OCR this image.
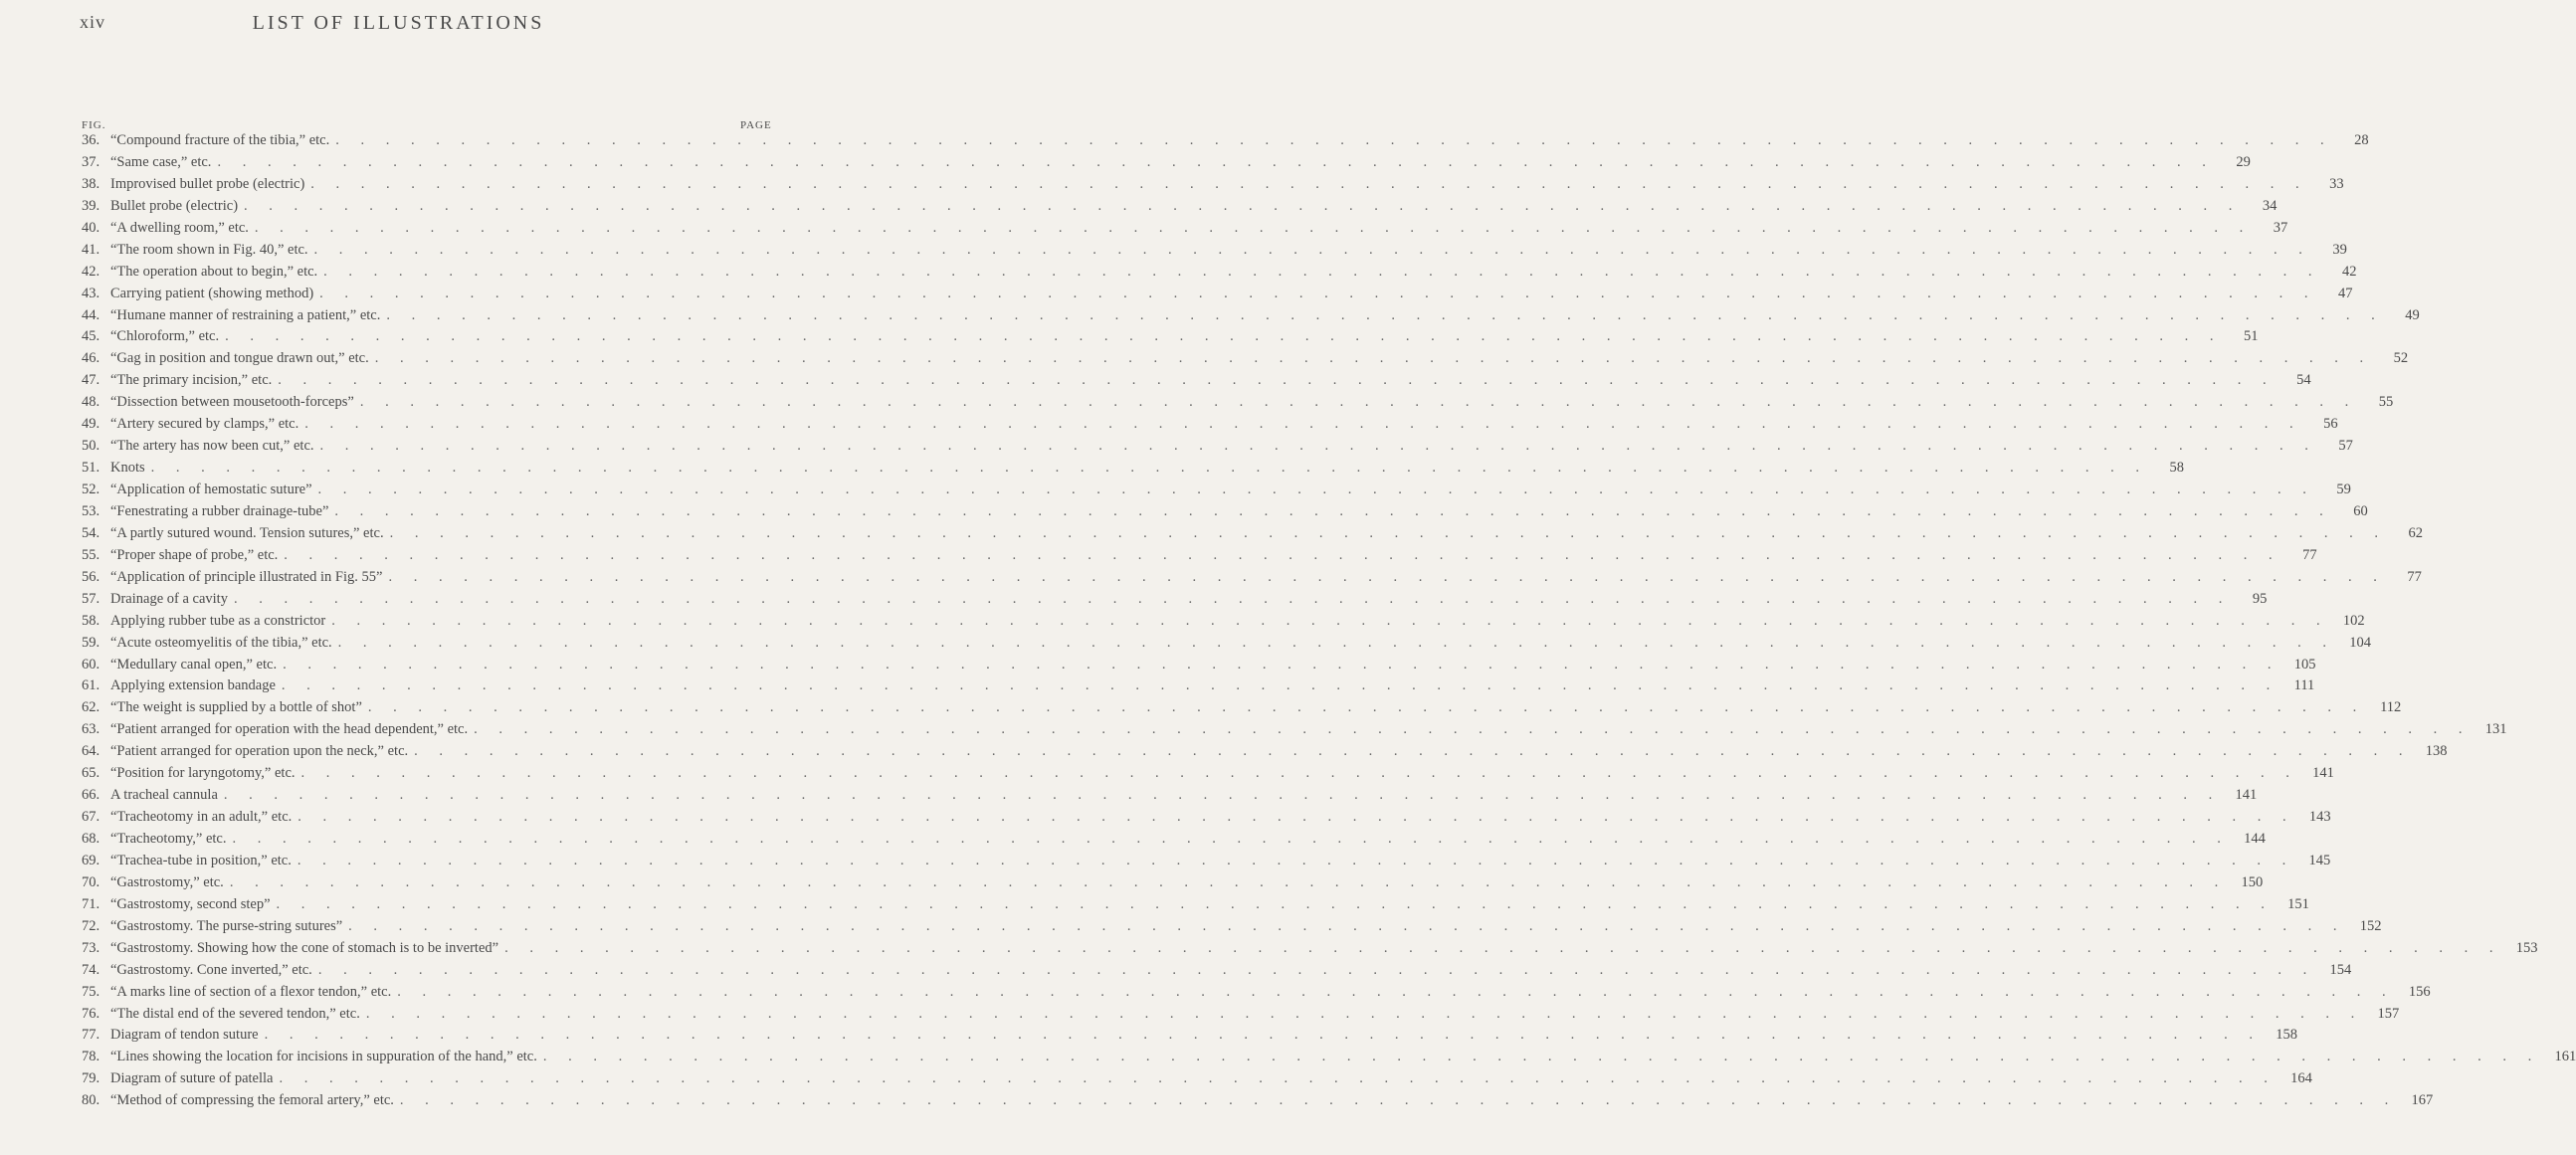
xiv	LIST OF ILLUSTRATIONS
FIG.	PAGE
36. “Compound fracture of the tibia,” etc. . . . . . . . . . . . . . . . . . . . . . . . . . . . . . . . . . . . . . . . . . . . . . . . . . . . . . . . . . . . . . . . . . . . . . . . . . . . . . . . .	28
37. “Same case,” etc. . . . . . . . . . . . . . . . . . . . . . . . . . . . . . . . . . . . . . . . . . . . . . . . . . . . . . . . . . . . . . . . . . . . . . . . . . . . . . . . .	29
38. Improvised bullet probe (electric) . . . . . . . . . . . . . . . . . . . . . . . . . . . . . . . . . . . . . . . . . . . . . . . . . . . . . . . . . . . . . . . . . . . . . . . . . . . . . . . .	33
39. Bullet probe (electric) . . . . . . . . . . . . . . . . . . . . . . . . . . . . . . . . . . . . . . . . . . . . . . . . . . . . . . . . . . . . . . . . . . . . . . . . . . . . . . . .	34
40. “A dwelling room,” etc. . . . . . . . . . . . . . . . . . . . . . . . . . . . . . . . . . . . . . . . . . . . . . . . . . . . . . . . . . . . . . . . . . . . . . . . . . . . . . . . .	37
41. “The room shown in Fig. 40,” etc. . . . . . . . . . . . . . . . . . . . . . . . . . . . . . . . . . . . . . . . . . . . . . . . . . . . . . . . . . . . . . . . . . . . . . . . . . . . . . . . .	39
42. “The operation about to begin,” etc. . . . . . . . . . . . . . . . . . . . . . . . . . . . . . . . . . . . . . . . . . . . . . . . . . . . . . . . . . . . . . . . . . . . . . . . . . . . . . . . .	42
43. Carrying patient (showing method) . . . . . . . . . . . . . . . . . . . . . . . . . . . . . . . . . . . . . . . . . . . . . . . . . . . . . . . . . . . . . . . . . . . . . . . . . . . . . . . .	47
44. “Humane manner of restraining a patient,” etc. . . . . . . . . . . . . . . . . . . . . . . . . . . . . . . . . . . . . . . . . . . . . . . . . . . . . . . . . . . . . . . . . . . . . . . . . . . . . . . . .	49
45. “Chloroform,” etc. . . . . . . . . . . . . . . . . . . . . . . . . . . . . . . . . . . . . . . . . . . . . . . . . . . . . . . . . . . . . . . . . . . . . . . . . . . . . . . . .	51
46. “Gag in position and tongue drawn out,” etc. . . . . . . . . . . . . . . . . . . . . . . . . . . . . . . . . . . . . . . . . . . . . . . . . . . . . . . . . . . . . . . . . . . . . . . . . . . . . . . . .	52
47. “The primary incision,” etc. . . . . . . . . . . . . . . . . . . . . . . . . . . . . . . . . . . . . . . . . . . . . . . . . . . . . . . . . . . . . . . . . . . . . . . . . . . . . . . . .	54
48. “Dissection between mousetooth-forceps” . . . . . . . . . . . . . . . . . . . . . . . . . . . . . . . . . . . . . . . . . . . . . . . . . . . . . . . . . . . . . . . . . . . . . . . . . . . . . . . .	55
49. “Artery secured by clamps,” etc. . . . . . . . . . . . . . . . . . . . . . . . . . . . . . . . . . . . . . . . . . . . . . . . . . . . . . . . . . . . . . . . . . . . . . . . . . . . . . . . .	56
50. “The artery has now been cut,” etc. . . . . . . . . . . . . . . . . . . . . . . . . . . . . . . . . . . . . . . . . . . . . . . . . . . . . . . . . . . . . . . . . . . . . . . . . . . . . . . . .	57
51. Knots . . . . . . . . . . . . . . . . . . . . . . . . . . . . . . . . . . . . . . . . . . . . . . . . . . . . . . . . . . . . . . . . . . . . . . . . . . . . . . . .	58
52. “Application of hemostatic suture” . . . . . . . . . . . . . . . . . . . . . . . . . . . . . . . . . . . . . . . . . . . . . . . . . . . . . . . . . . . . . . . . . . . . . . . . . . . . . . . .	59
53. “Fenestrating a rubber drainage-tube” . . . . . . . . . . . . . . . . . . . . . . . . . . . . . . . . . . . . . . . . . . . . . . . . . . . . . . . . . . . . . . . . . . . . . . . . . . . . . . . .	60
54. “A partly sutured wound. Tension sutures,” etc. . . . . . . . . . . . . . . . . . . . . . . . . . . . . . . . . . . . . . . . . . . . . . . . . . . . . . . . . . . . . . . . . . . . . . . . . . . . . . . . .	62
55. “Proper shape of probe,” etc. . . . . . . . . . . . . . . . . . . . . . . . . . . . . . . . . . . . . . . . . . . . . . . . . . . . . . . . . . . . . . . . . . . . . . . . . . . . . . . . .	77
56. “Application of principle illustrated in Fig. 55” . . . . . . . . . . . . . . . . . . . . . . . . . . . . . . . . . . . . . . . . . . . . . . . . . . . . . . . . . . . . . . . . . . . . . . . . . . . . . . . .	77
57. Drainage of a cavity . . . . . . . . . . . . . . . . . . . . . . . . . . . . . . . . . . . . . . . . . . . . . . . . . . . . . . . . . . . . . . . . . . . . . . . . . . . . . . . .	95
58. Applying rubber tube as a constrictor . . . . . . . . . . . . . . . . . . . . . . . . . . . . . . . . . . . . . . . . . . . . . . . . . . . . . . . . . . . . . . . . . . . . . . . . . . . . . . . . 102
59. “Acute osteomyelitis of the tibia,” etc. . . . . . . . . . . . . . . . . . . . . . . . . . . . . . . . . . . . . . . . . . . . . . . . . . . . . . . . . . . . . . . . . . . . . . . . . . . . . . . . . 104
60. “Medullary canal open,” etc. . . . . . . . . . . . . . . . . . . . . . . . . . . . . . . . . . . . . . . . . . . . . . . . . . . . . . . . . . . . . . . . . . . . . . . . . . . . . . . . . 105
61. Applying extension bandage . . . . . . . . . . . . . . . . . . . . . . . . . . . . . . . . . . . . . . . . . . . . . . . . . . . . . . . . . . . . . . . . . . . . . . . . . . . . . . . .	111
62. “The weight is supplied by a bottle of shot” . . . . . . . . . . . . . . . . . . . . . . . . . . . . . . . . . . . . . . . . . . . . . . . . . . . . . . . . . . . . . . . . . . . . . . . . . . . . . . . .	112
63. “Patient arranged for operation with the head dependent,” etc. . . . . . . . . . . . . . . . . . . . . . . . . . . . . . . . . . . . . . . . . . . . . . . . . . . . . . . . . . . . . . . . . . . . . . . . . . . . . . . . . 131
64. “Patient arranged for operation upon the neck,” etc. . . . . . . . . . . . . . . . . . . . . . . . . . . . . . . . . . . . . . . . . . . . . . . . . . . . . . . . . . . . . . . . . . . . . . . . . . . . . . . . . 138
65. “Position for laryngotomy,” etc. . . . . . . . . . . . . . . . . . . . . . . . . . . . . . . . . . . . . . . . . . . . . . . . . . . . . . . . . . . . . . . . . . . . . . . . . . . . . . . . . 141
66. A tracheal cannula . . . . . . . . . . . . . . . . . . . . . . . . . . . . . . . . . . . . . . . . . . . . . . . . . . . . . . . . . . . . . . . . . . . . . . . . . . . . . . . . 141
67. “Tracheotomy in an adult,” etc. . . . . . . . . . . . . . . . . . . . . . . . . . . . . . . . . . . . . . . . . . . . . . . . . . . . . . . . . . . . . . . . . . . . . . . . . . . . . . . . . 143
68. “Tracheotomy,” etc. . . . . . . . . . . . . . . . . . . . . . . . . . . . . . . . . . . . . . . . . . . . . . . . . . . . . . . . . . . . . . . . . . . . . . . . . . . . . . . . . 144
69. “Trachea-tube in position,” etc. . . . . . . . . . . . . . . . . . . . . . . . . . . . . . . . . . . . . . . . . . . . . . . . . . . . . . . . . . . . . . . . . . . . . . . . . . . . . . . . . 145
70. “Gastrostomy,” etc. . . . . . . . . . . . . . . . . . . . . . . . . . . . . . . . . . . . . . . . . . . . . . . . . . . . . . . . . . . . . . . . . . . . . . . . . . . . . . . . . 150
71. “Gastrostomy, second step” . . . . . . . . . . . . . . . . . . . . . . . . . . . . . . . . . . . . . . . . . . . . . . . . . . . . . . . . . . . . . . . . . . . . . . . . . . . . . . . . 151
72. “Gastrostomy. The purse-string sutures” . . . . . . . . . . . . . . . . . . . . . . . . . . . . . . . . . . . . . . . . . . . . . . . . . . . . . . . . . . . . . . . . . . . . . . . . . . . . . . . . 152
73. “Gastrostomy. Showing how the cone of stomach is to be inverted” . . . . . . . . . . . . . . . . . . . . . . . . . . . . . . . . . . . . . . . . . . . . . . . . . . . . . . . . . . . . . . . . . . . . . . . . . . . . . . . . 153
74. “Gastrostomy. Cone inverted,” etc. . . . . . . . . . . . . . . . . . . . . . . . . . . . . . . . . . . . . . . . . . . . . . . . . . . . . . . . . . . . . . . . . . . . . . . . . . . . . . . . . 154
75. “A marks line of section of a flexor tendon,” etc. . . . . . . . . . . . . . . . . . . . . . . . . . . . . . . . . . . . . . . . . . . . . . . . . . . . . . . . . . . . . . . . . . . . . . . . . . . . . . . . . 156
76. “The distal end of the severed tendon,” etc. . . . . . . . . . . . . . . . . . . . . . . . . . . . . . . . . . . . . . . . . . . . . . . . . . . . . . . . . . . . . . . . . . . . . . . . . . . . . . . . . 157
77. Diagram of tendon suture . . . . . . . . . . . . . . . . . . . . . . . . . . . . . . . . . . . . . . . . . . . . . . . . . . . . . . . . . . . . . . . . . . . . . . . . . . . . . . . . 158
78. “Lines showing the location for incisions in suppuration of the hand,” etc. . . . . . . . . . . . . . . . . . . . . . . . . . . . . . . . . . . . . . . . . . . . . . . . . . . . . . . . . . . . . . . . . . . . . . . . . . . . . . . . . 161
79. Diagram of suture of patella . . . . . . . . . . . . . . . . . . . . . . . . . . . . . . . . . . . . . . . . . . . . . . . . . . . . . . . . . . . . . . . . . . . . . . . . . . . . . . . . 164
80. “Method of compressing the femoral artery,” etc. . . . . . . . . . . . . . . . . . . . . . . . . . . . . . . . . . . . . . . . . . . . . . . . . . . . . . . . . . . . . . . . . . . . . . . . . . . . . . . . . 167
